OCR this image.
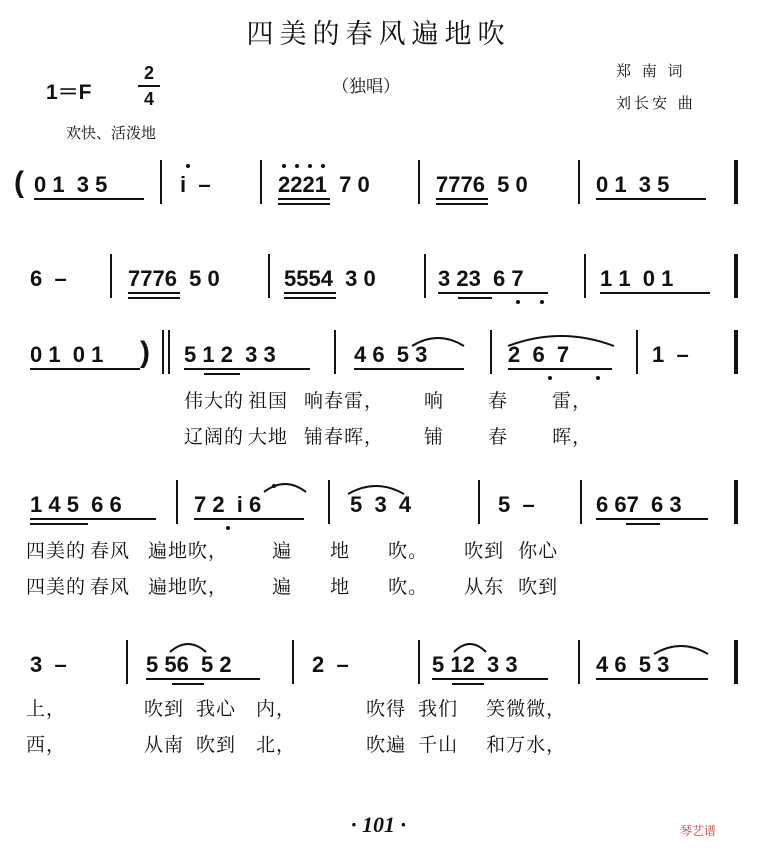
四美的春风遍地吹
1＝F
2
4
（独唱）
郑 南 词
刘长安 曲
欢快、活泼地
( 0 1  3 5	i  –	2221  7 0	7776  5 0	0 1  3 5
6  –	7776  5 0	5554  3 0	3 23  6 7	1 1  0 1
0 1  0 1 ) 5 1 2  3 3	4 6  5 3	2  6  7	1  –
伟大的 祖国 响春雷， 响 春 雷，
辽阔的 大地 铺春晖， 铺 春 晖，
1 4 5  6 6	7 2  i 6	5  3  4	5  –	6 67  6 3
四美的 春风 遍地吹， 遍 地 吹。 吹到 你心
四美的 春风 遍地吹， 遍 地 吹。 从东 吹到
3  –	5 56  5 2	2  –	5 12  3 3	4 6  5 3
上，	吹到 我心 内，	吹得 我们 笑微微，
西，	从南 吹到 北，	吹遍 千山 和万水，
· 101 ·	琴艺谱
